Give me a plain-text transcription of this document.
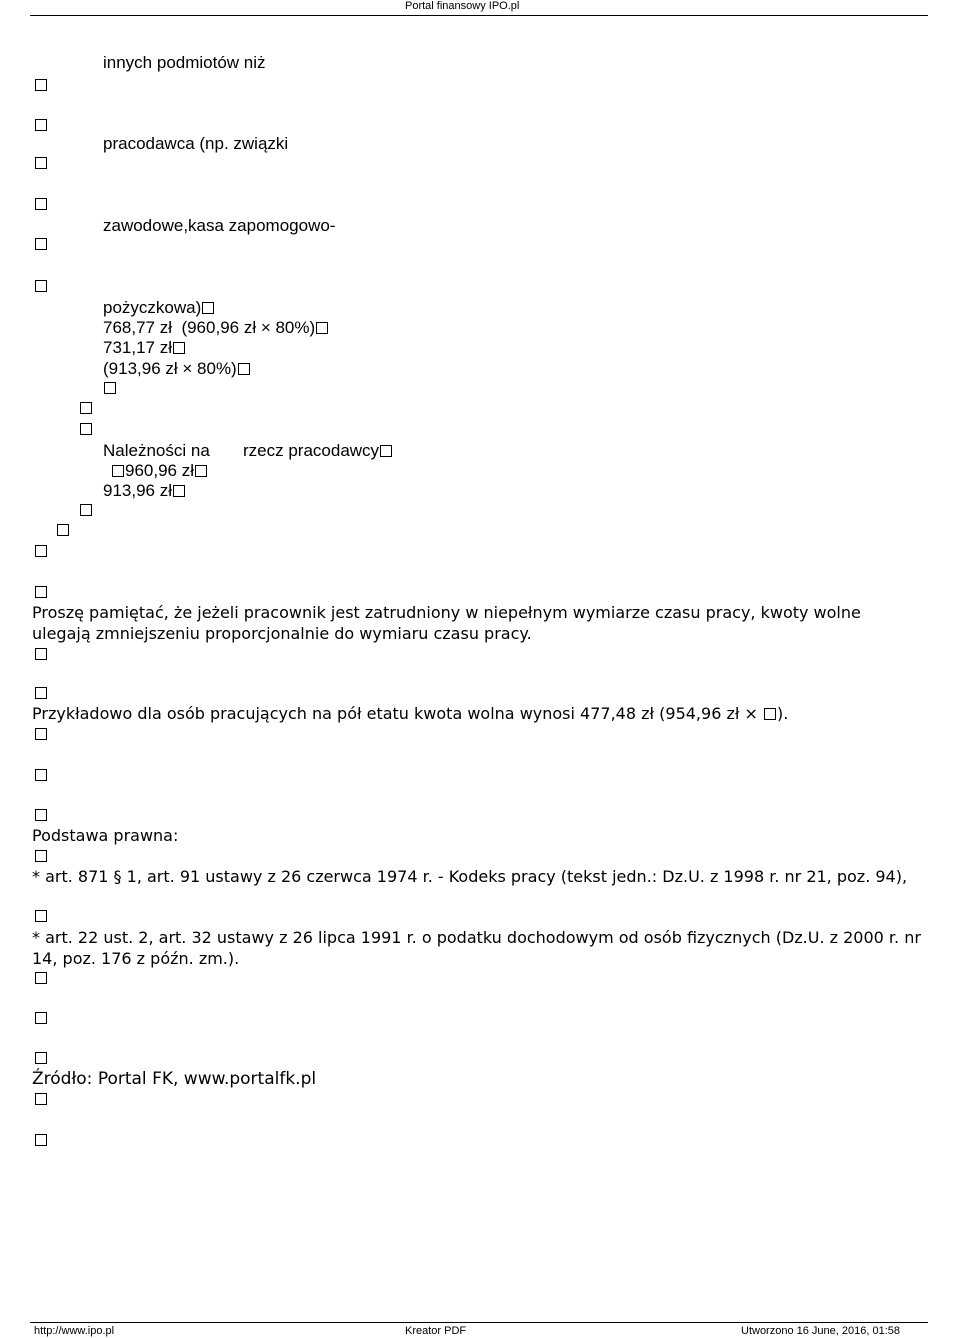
Portal finansowy IPO.pl
innych podmiotów niż
pracodawca (np. związki
zawodowe,kasa zapomogowo-
pożyczkowa)
768,77 zł  (960,96 zł × 80%)
731,17 zł
(913,96 zł × 80%)
Należności na rzecz pracodawcy
960,96 zł
913,96 zł
Proszę pamiętać, że jeżeli pracownik jest zatrudniony w niepełnym wymiarze czasu pracy, kwoty wolne ulegają zmniejszeniu proporcjonalnie do wymiaru czasu pracy.
Przykładowo dla osób pracujących na pół etatu kwota wolna wynosi 477,48 zł (954,96 zł × ).
Podstawa prawna:
* art. 871 § 1, art. 91 ustawy z 26 czerwca 1974 r. - Kodeks pracy (tekst jedn.: Dz.U. z 1998 r. nr 21, poz. 94),
* art. 22 ust. 2, art. 32 ustawy z 26 lipca 1991 r. o podatku dochodowym od osób fizycznych (Dz.U. z 2000 r. nr 14, poz. 176 z późn. zm.).
Źródło: Portal FK, www.portalfk.pl
http://www.ipo.pl	Kreator PDF	Utworzono 16 June, 2016, 01:58
